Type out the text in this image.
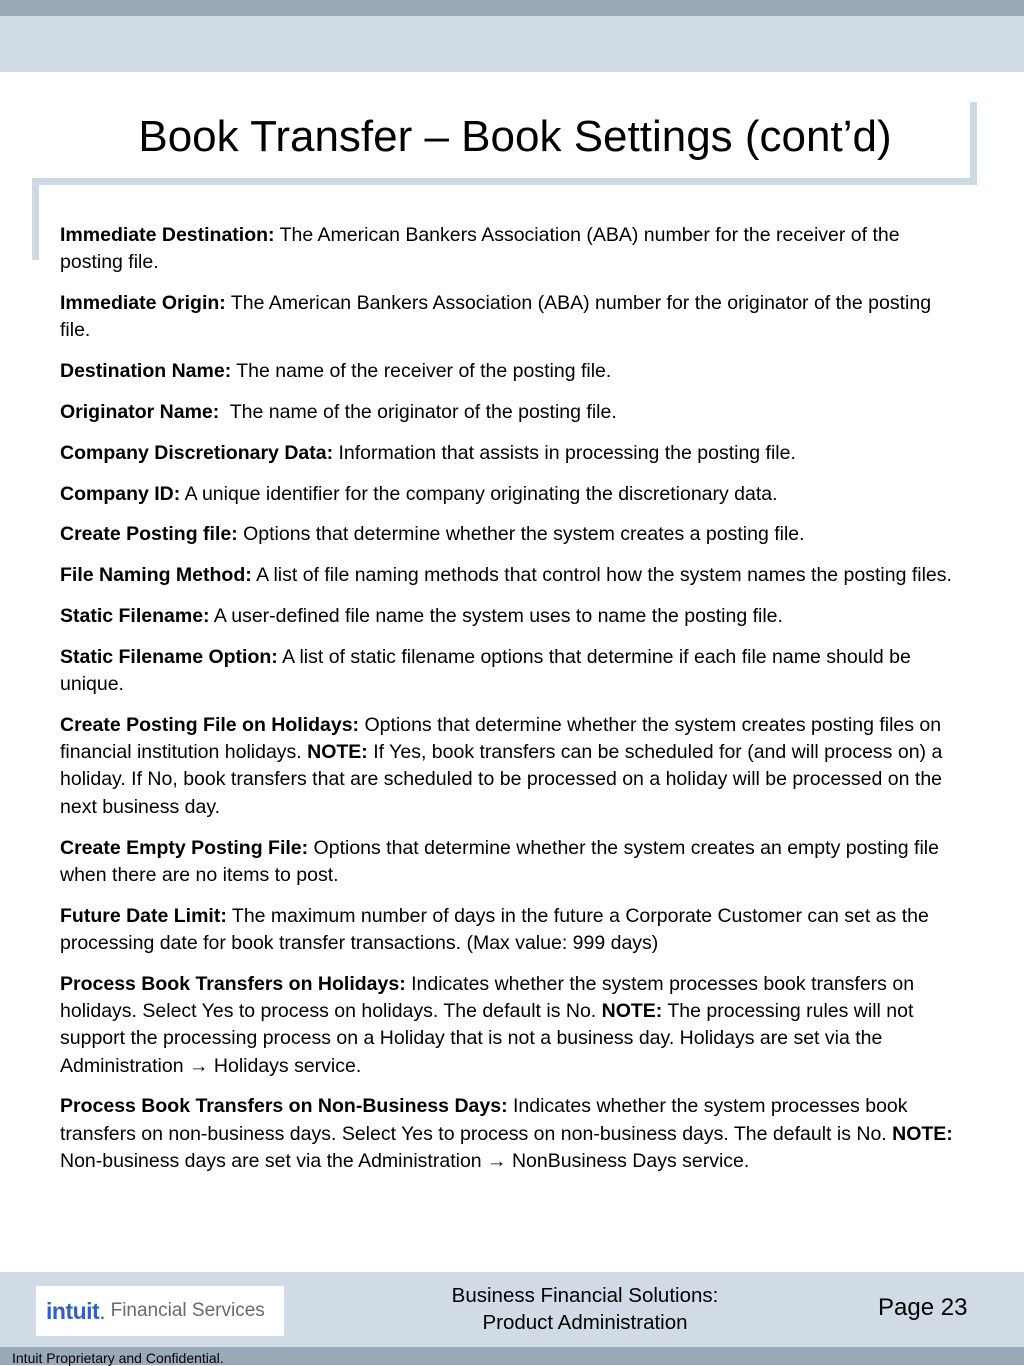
Book Transfer – Book Settings (cont’d)

Immediate Destination: The American Bankers Association (ABA) number for the receiver of the posting file.

Immediate Origin: The American Bankers Association (ABA) number for the originator of the posting file.

Destination Name: The name of the receiver of the posting file.

Originator Name:  The name of the originator of the posting file.

Company Discretionary Data: Information that assists in processing the posting file.

Company ID: A unique identifier for the company originating the discretionary data.

Create Posting file: Options that determine whether the system creates a posting file.

File Naming Method: A list of file naming methods that control how the system names the posting files.

Static Filename: A user-defined file name the system uses to name the posting file.

Static Filename Option: A list of static filename options that determine if each file name should be unique.

Create Posting File on Holidays: Options that determine whether the system creates posting files on financial institution holidays. NOTE: If Yes, book transfers can be scheduled for (and will process on) a holiday. If No, book transfers that are scheduled to be processed on a holiday will be processed on the next business day.

Create Empty Posting File: Options that determine whether the system creates an empty posting file when there are no items to post.

Future Date Limit: The maximum number of days in the future a Corporate Customer can set as the processing date for book transfer transactions. (Max value: 999 days)

Process Book Transfers on Holidays: Indicates whether the system processes book transfers on holidays. Select Yes to process on holidays. The default is No. NOTE: The processing rules will not support the processing process on a Holiday that is not a business day. Holidays are set via the Administration → Holidays service.

Process Book Transfers on Non-Business Days: Indicates whether the system processes book transfers on non-business days. Select Yes to process on non-business days. The default is No. NOTE: Non-business days are set via the Administration → NonBusiness Days service.

intuit . Financial Services
Business Financial Solutions:
Product Administration
Page 23
Intuit Proprietary and Confidential.
